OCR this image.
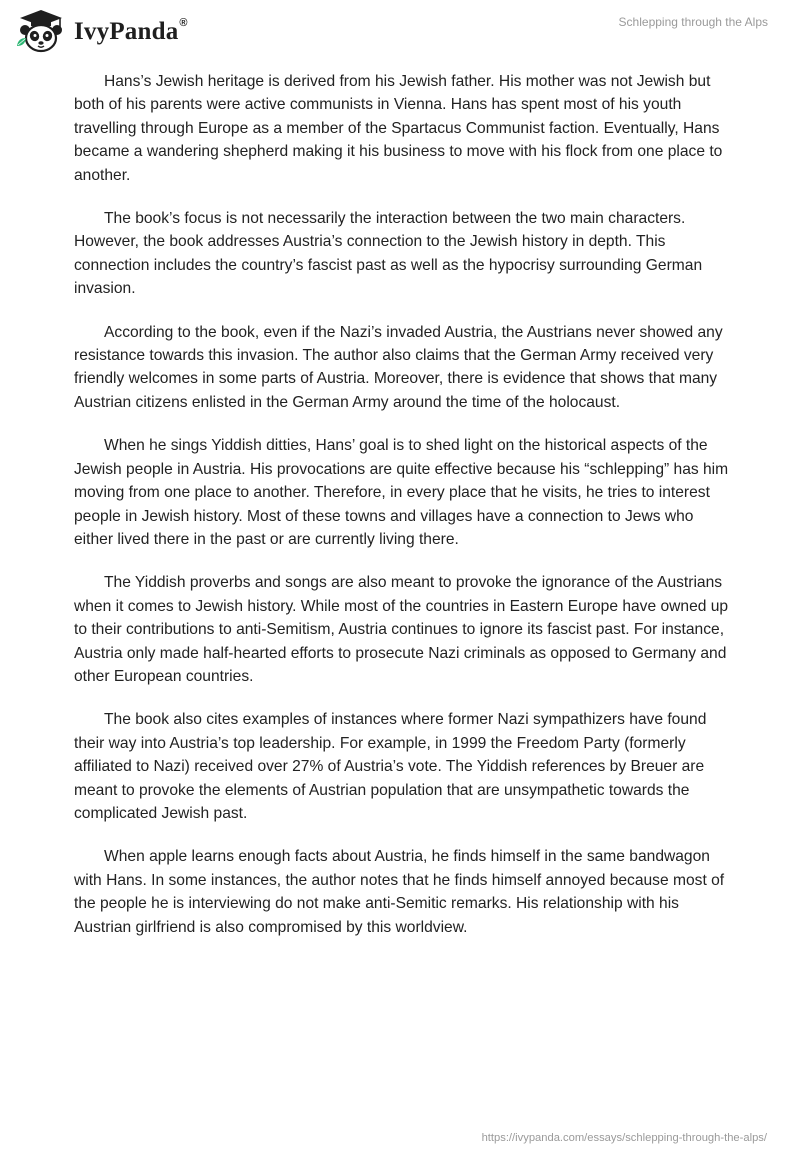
IvyPanda®	Schlepping through the Alps

Hans’s Jewish heritage is derived from his Jewish father. His mother was not Jewish but both of his parents were active communists in Vienna. Hans has spent most of his youth travelling through Europe as a member of the Spartacus Communist faction. Eventually, Hans became a wandering shepherd making it his business to move with his flock from one place to another.

The book’s focus is not necessarily the interaction between the two main characters. However, the book addresses Austria’s connection to the Jewish history in depth. This connection includes the country’s fascist past as well as the hypocrisy surrounding German invasion.

According to the book, even if the Nazi’s invaded Austria, the Austrians never showed any resistance towards this invasion. The author also claims that the German Army received very friendly welcomes in some parts of Austria. Moreover, there is evidence that shows that many Austrian citizens enlisted in the German Army around the time of the holocaust.

When he sings Yiddish ditties, Hans’ goal is to shed light on the historical aspects of the Jewish people in Austria. His provocations are quite effective because his “schlepping” has him moving from one place to another. Therefore, in every place that he visits, he tries to interest people in Jewish history. Most of these towns and villages have a connection to Jews who either lived there in the past or are currently living there.

The Yiddish proverbs and songs are also meant to provoke the ignorance of the Austrians when it comes to Jewish history. While most of the countries in Eastern Europe have owned up to their contributions to anti-Semitism, Austria continues to ignore its fascist past. For instance, Austria only made half-hearted efforts to prosecute Nazi criminals as opposed to Germany and other European countries.

The book also cites examples of instances where former Nazi sympathizers have found their way into Austria’s top leadership. For example, in 1999 the Freedom Party (formerly affiliated to Nazi) received over 27% of Austria’s vote. The Yiddish references by Breuer are meant to provoke the elements of Austrian population that are unsympathetic towards the complicated Jewish past.

When apple learns enough facts about Austria, he finds himself in the same bandwagon with Hans. In some instances, the author notes that he finds himself annoyed because most of the people he is interviewing do not make anti-Semitic remarks. His relationship with his Austrian girlfriend is also compromised by this worldview.

https://ivypanda.com/essays/schlepping-through-the-alps/
